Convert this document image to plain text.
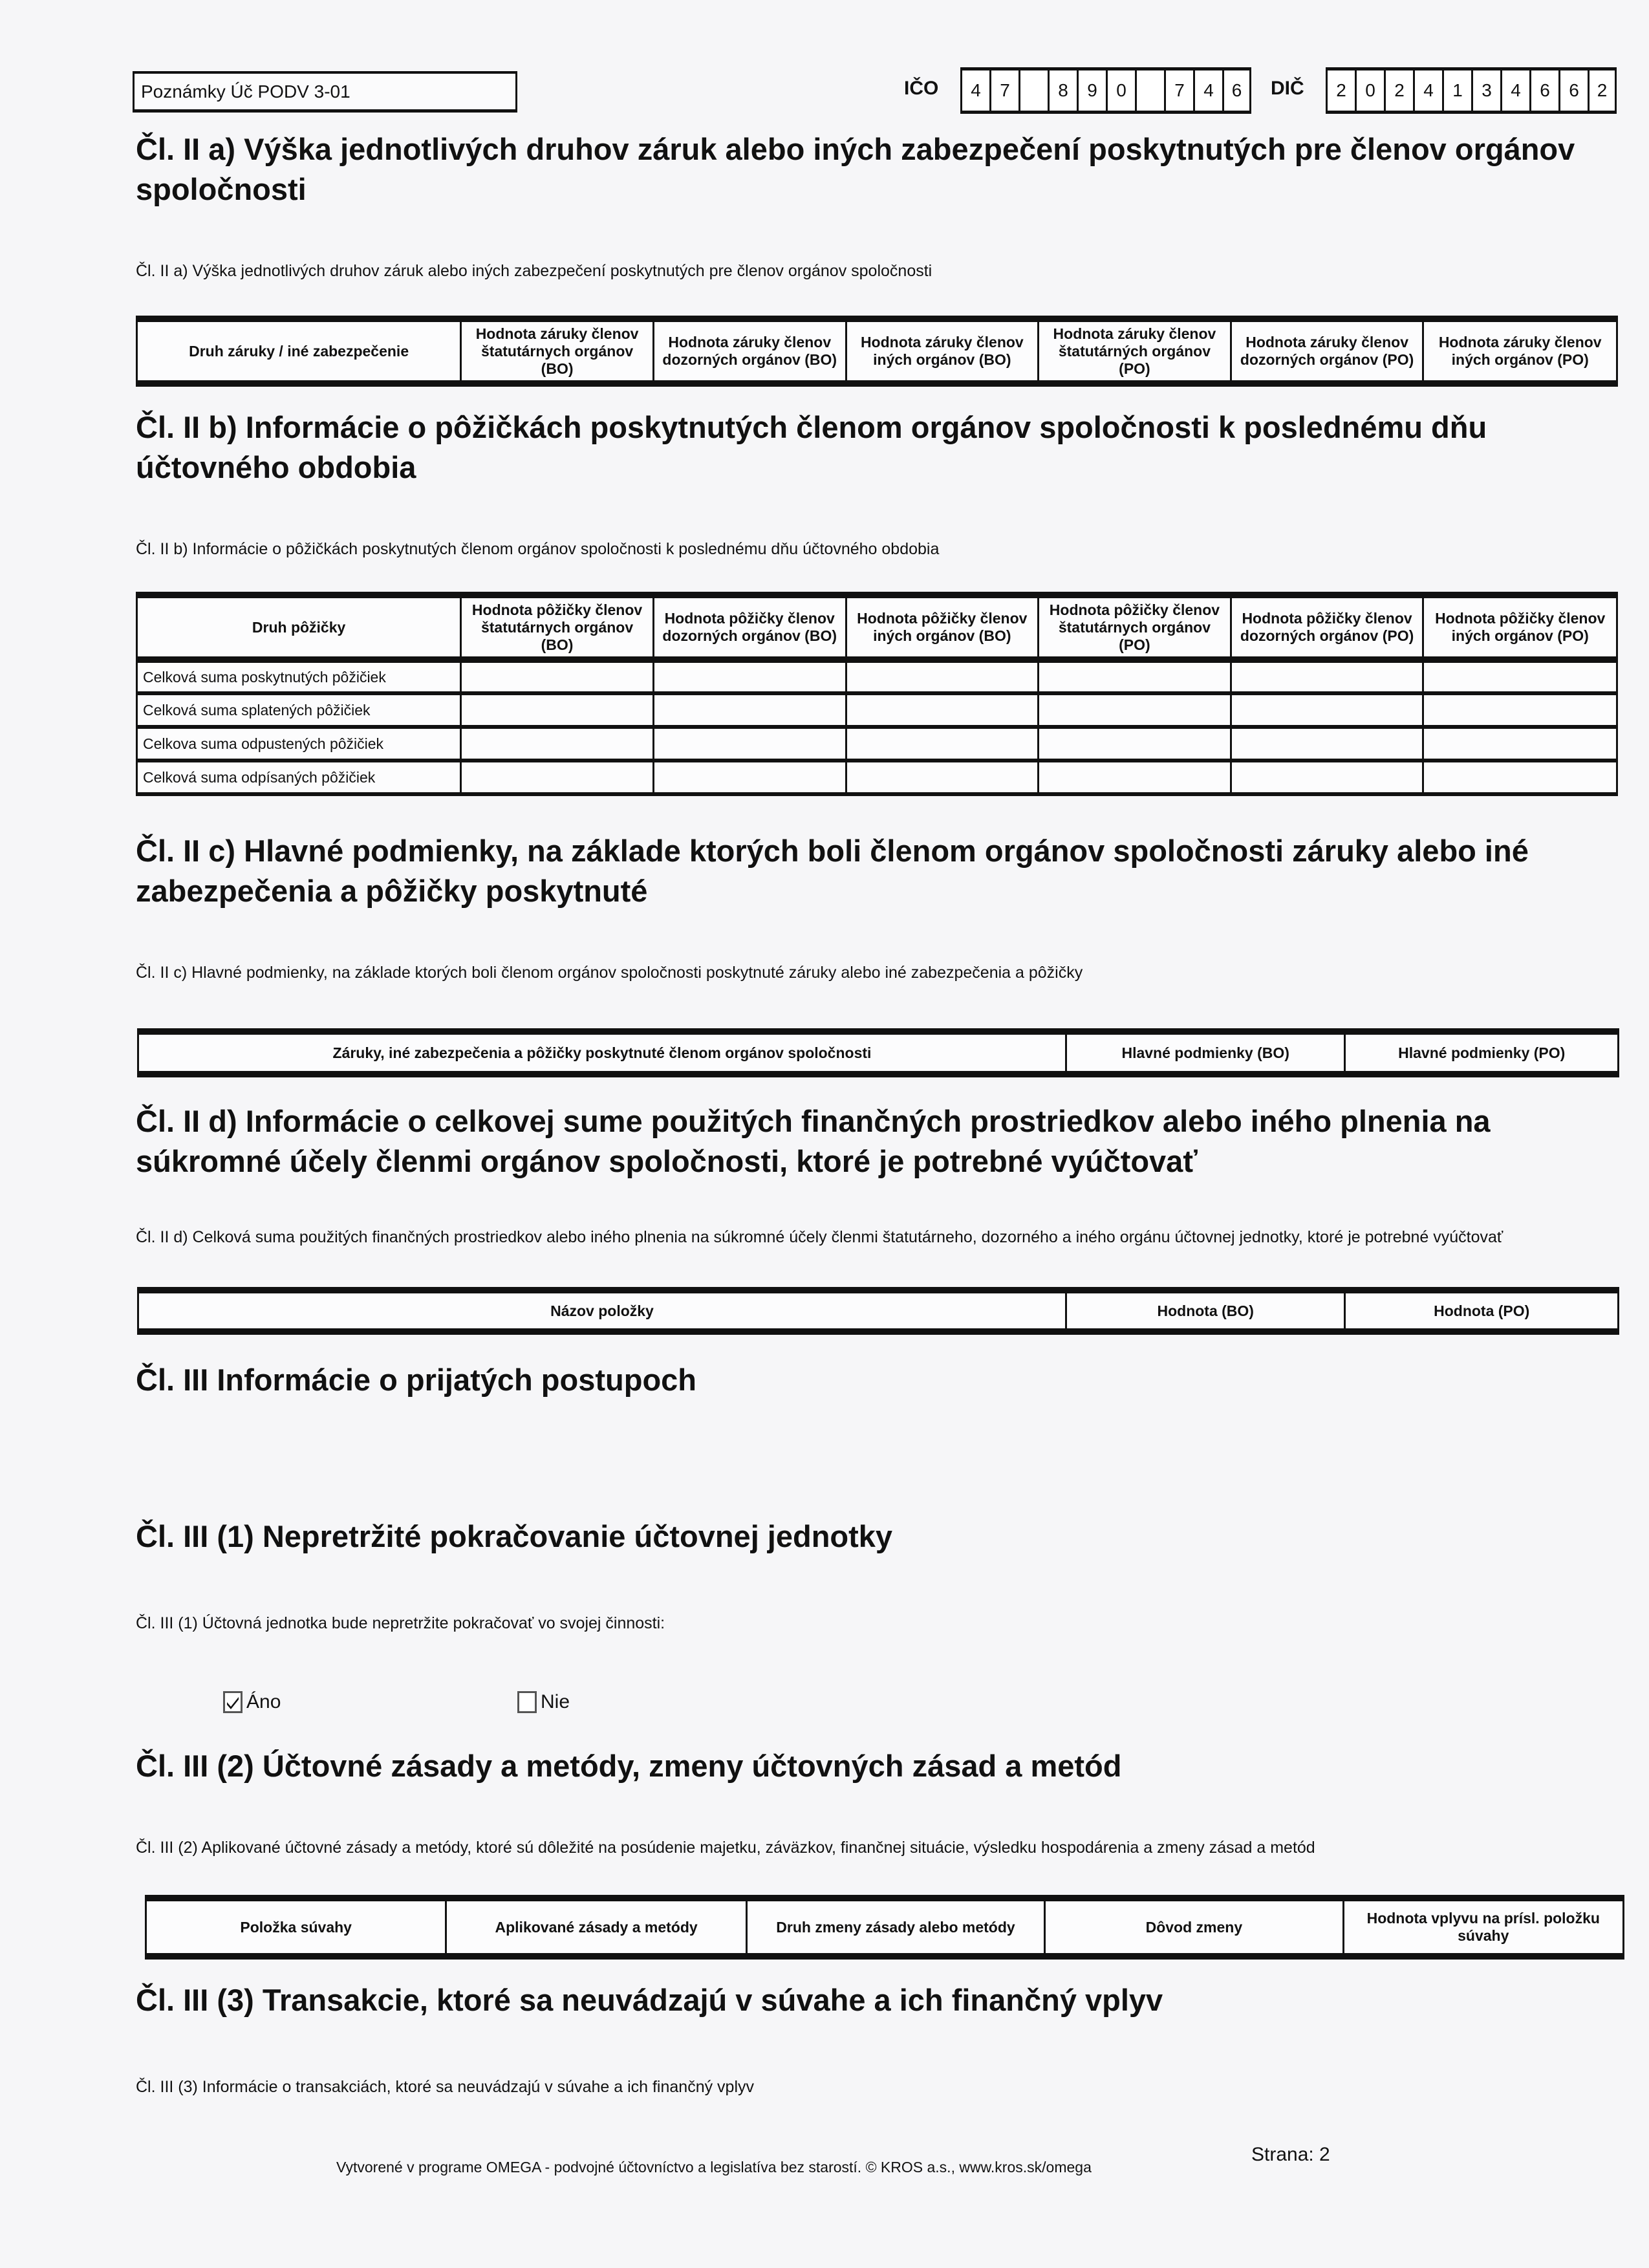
Poznámky Úč PODV 3-01	IČO	4	7	8	9	0	7	4 6	DIČ	2	0	2	4	1	3	4	6	6 2
Čl. II a) Výška jednotlivých druhov záruk alebo iných zabezpečení poskytnutých pre členov orgánov spoločnosti
Čl. II a) Výška jednotlivých druhov záruk alebo iných zabezpečení poskytnutých pre členov orgánov spoločnosti
Druh záruky / iné zabezpečenie	Hodnota záruky členov štatutárnych orgánov (BO)	Hodnota záruky členov dozorných orgánov (BO)	Hodnota záruky členov iných orgánov (BO)	Hodnota záruky členov štatutárných orgánov (PO)	Hodnota záruky členov dozorných orgánov (PO)	Hodnota záruky členov iných orgánov (PO)
Čl. II b) Informácie o pôžičkách poskytnutých členom orgánov spoločnosti k poslednému dňu účtovného obdobia
Čl. II b) Informácie o pôžičkách poskytnutých členom orgánov spoločnosti k poslednému dňu účtovného obdobia
Druh pôžičky	Hodnota pôžičky členov štatutárnych orgánov (BO)	Hodnota pôžičky členov dozorných orgánov (BO)	Hodnota pôžičky členov iných orgánov (BO)	Hodnota pôžičky členov štatutárnych orgánov (PO)	Hodnota pôžičky členov dozorných orgánov (PO)	Hodnota pôžičky členov iných orgánov (PO)
Celková suma poskytnutých pôžičiek						
Celková suma splatených pôžičiek						
Celkova suma odpustených pôžičiek						
Celková suma odpísaných pôžičiek						
Čl. II c) Hlavné podmienky, na základe ktorých boli členom orgánov spoločnosti záruky alebo iné zabezpečenia a pôžičky poskytnuté
Čl. II c) Hlavné podmienky, na základe ktorých boli členom orgánov spoločnosti poskytnuté záruky alebo iné zabezpečenia a pôžičky
Záruky, iné zabezpečenia a pôžičky poskytnuté členom orgánov spoločnosti	Hlavné podmienky (BO)	Hlavné podmienky (PO)
Čl. II d) Informácie o celkovej sume použitých finančných prostriedkov alebo iného plnenia na súkromné účely členmi orgánov spoločnosti, ktoré je potrebné vyúčtovať
Čl. II d) Celková suma použitých finančných prostriedkov alebo iného plnenia na súkromné účely členmi štatutárneho, dozorného a iného orgánu účtovnej jednotky, ktoré je potrebné vyúčtovať
Názov položky	Hodnota (BO)	Hodnota (PO)
Čl. III Informácie o prijatých postupoch
Čl. III (1) Nepretržité pokračovanie účtovnej jednotky
Čl. III (1) Účtovná jednotka bude nepretržite pokračovať vo svojej činnosti:
Áno	Nie
Čl. III (2) Účtovné zásady a metódy, zmeny účtovných zásad a metód
Čl. III (2) Aplikované účtovné zásady a metódy, ktoré sú dôležité na posúdenie majetku, záväzkov, finančnej situácie, výsledku hospodárenia a zmeny zásad a metód
Položka súvahy	Aplikované zásady a metódy	Druh zmeny zásady alebo metódy	Dôvod zmeny	Hodnota vplyvu na prísl. položku súvahy
Čl. III (3) Transakcie, ktoré sa neuvádzajú v súvahe a ich finančný vplyv
Čl. III (3) Informácie o transakciách, ktoré sa neuvádzajú v súvahe a ich finančný vplyv
Vytvorené v programe OMEGA - podvojné účtovníctvo a legislatíva bez starostí. © KROS a.s., www.kros.sk/omega
Strana: 2
